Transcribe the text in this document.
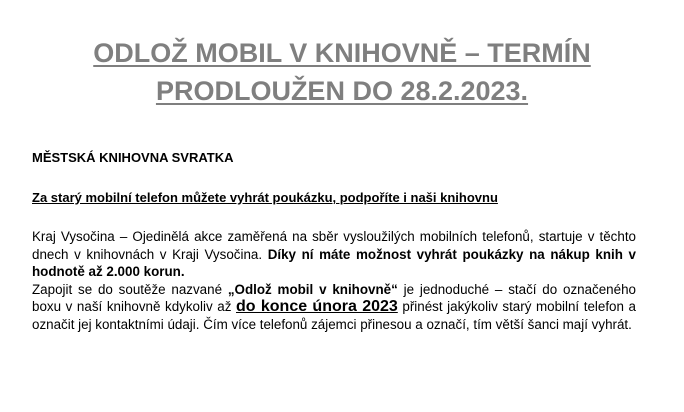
ODLOŽ MOBIL V KNIHOVNĚ – TERMÍN
PRODLOUŽEN DO 28.2.2023.
MĚSTSKÁ KNIHOVNA SVRATKA
Za starý mobilní telefon můžete vyhrát poukázku, podpoříte i naši knihovnu

Kraj Vysočina – Ojedinělá akce zaměřená na sběr vysloužilých mobilních telefonů, startuje v těchto dnech v knihovnách v Kraji Vysočina. Díky ní máte možnost vyhrát poukázky na nákup knih v hodnotě až 2.000 korun.

Zapojit se do soutěže nazvané „Odlož mobil v knihovně“ je jednoduché – stačí do označeného boxu v naší knihovně kdykoliv až do konce února 2023 přinést jakýkoliv starý mobilní telefon a označit jej kontaktními údaji. Čím více telefonů zájemci přinesou a označí, tím větší šanci mají vyhrát.
